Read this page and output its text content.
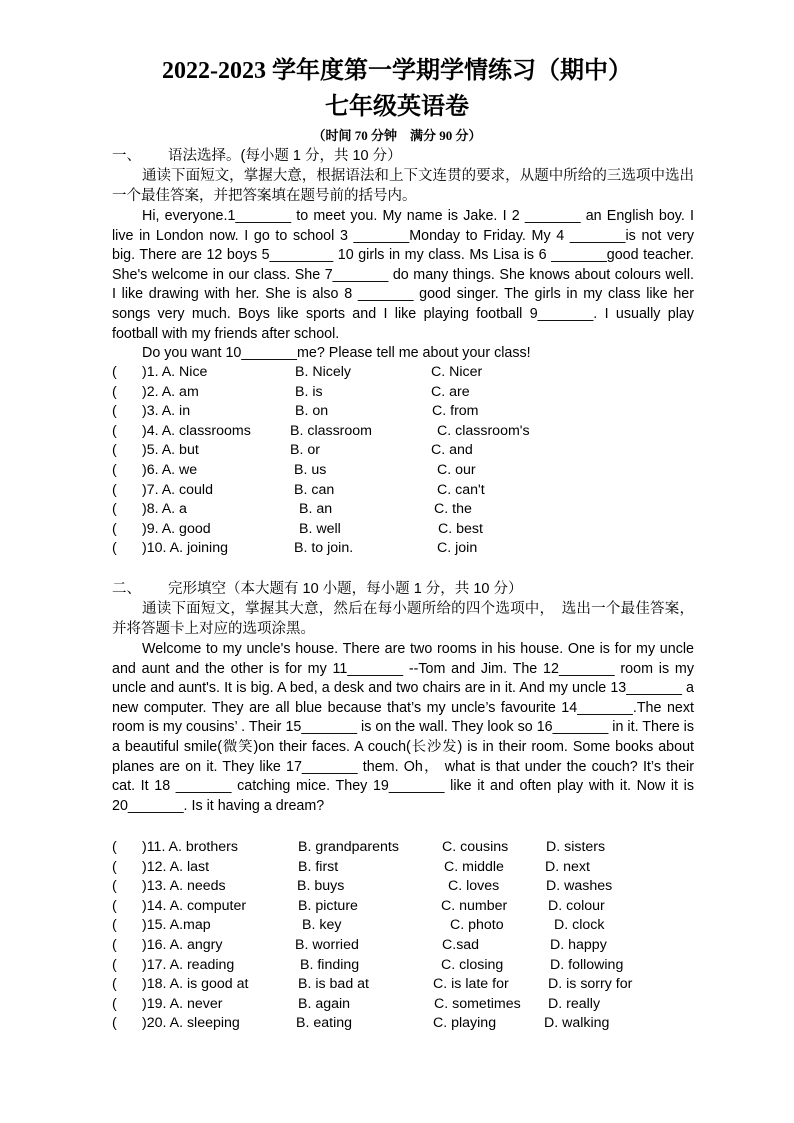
2022-2023 学年度第一学期学情练习（期中）
七年级英语卷
（时间 70 分钟　满分 90 分）
一、 语法选择。(每小题 1 分，共 10 分）

通读下面短文，掌握大意，根据语法和上下文连贯的要求，从题中所给的三选项中选出一个最佳答案，并把答案填在题号前的括号内。

Hi, everyone.1_______ to meet you. My name is Jake. I 2 _______ an English boy. I live in London now. I go to school 3 _______Monday to Friday. My 4 _______is not very big. There are 12 boys 5________ 10 girls in my class. Ms Lisa is 6 _______good teacher. She's welcome in our class. She 7_______ do many things. She knows about colours well. I like drawing with her. She is also 8 _______ good singer. The girls in my class like her songs very much. Boys like sports and I like playing football 9_______. I usually play football with my friends after school.

Do you want 10_______me? Please tell me about your class!
( )1. A. Nice	B. Nicely	C. Nicer
( )2. A. am	B. is	C. are
( )3. A. in	B. on	C. from
( )4. A. classrooms	B. classroom	C. classroom's
( )5. A. but	B. or	C. and
( )6. A. we	B. us	C. our
( )7. A. could	B. can	C. can't
( )8. A. a	B. an	C. the
( )9. A. good	B. well	C. best
( )10. A. joining	B. to join.	C. join
二、 完形填空（本大题有 10 小题，每小题 1 分，共 10 分）

通读下面短文，掌握其大意，然后在每小题所给的四个选项中，　选出一个最佳答案，并将答题卡上对应的选项涂黑。

Welcome to my uncle's house. There are two rooms in his house. One is for my uncle and aunt and the other is for my 11_______ --Tom and Jim. The 12_______ room is my uncle and aunt's. It is big. A bed, a desk and two chairs are in it. And my uncle 13_______ a new computer. They are all blue because that’s my uncle’s favourite 14_______.The next room is my cousins’ . Their 15_______ is on the wall. They look so 16_______ in it. There is a beautiful smile(微笑)on their faces. A couch(长沙发) is in their room. Some books about planes are on it. They like 17_______ them. Oh， what is that under the couch? It’s their cat. It 18 _______ catching mice. They 19_______ like it and often play with it. Now it is 20_______. Is it having a dream?

( )11. A. brothers	B. grandparents	C. cousins	D. sisters
( )12. A. last	B. first	C. middle	D. next
( )13. A. needs	B. buys	C. loves	D. washes
( )14. A. computer	B. picture	C. number	D. colour
( )15. A.map	B. key	C. photo	D. clock
( )16. A. angry	B. worried	C.sad	D. happy
( )17. A. reading	B. finding	C. closing	D. following
( )18. A. is good at	B. is bad at	C. is late for	D. is sorry for
( )19. A. never	B. again	C. sometimes D. really
( )20. A. sleeping	B. eating	C. playing	D. walking
